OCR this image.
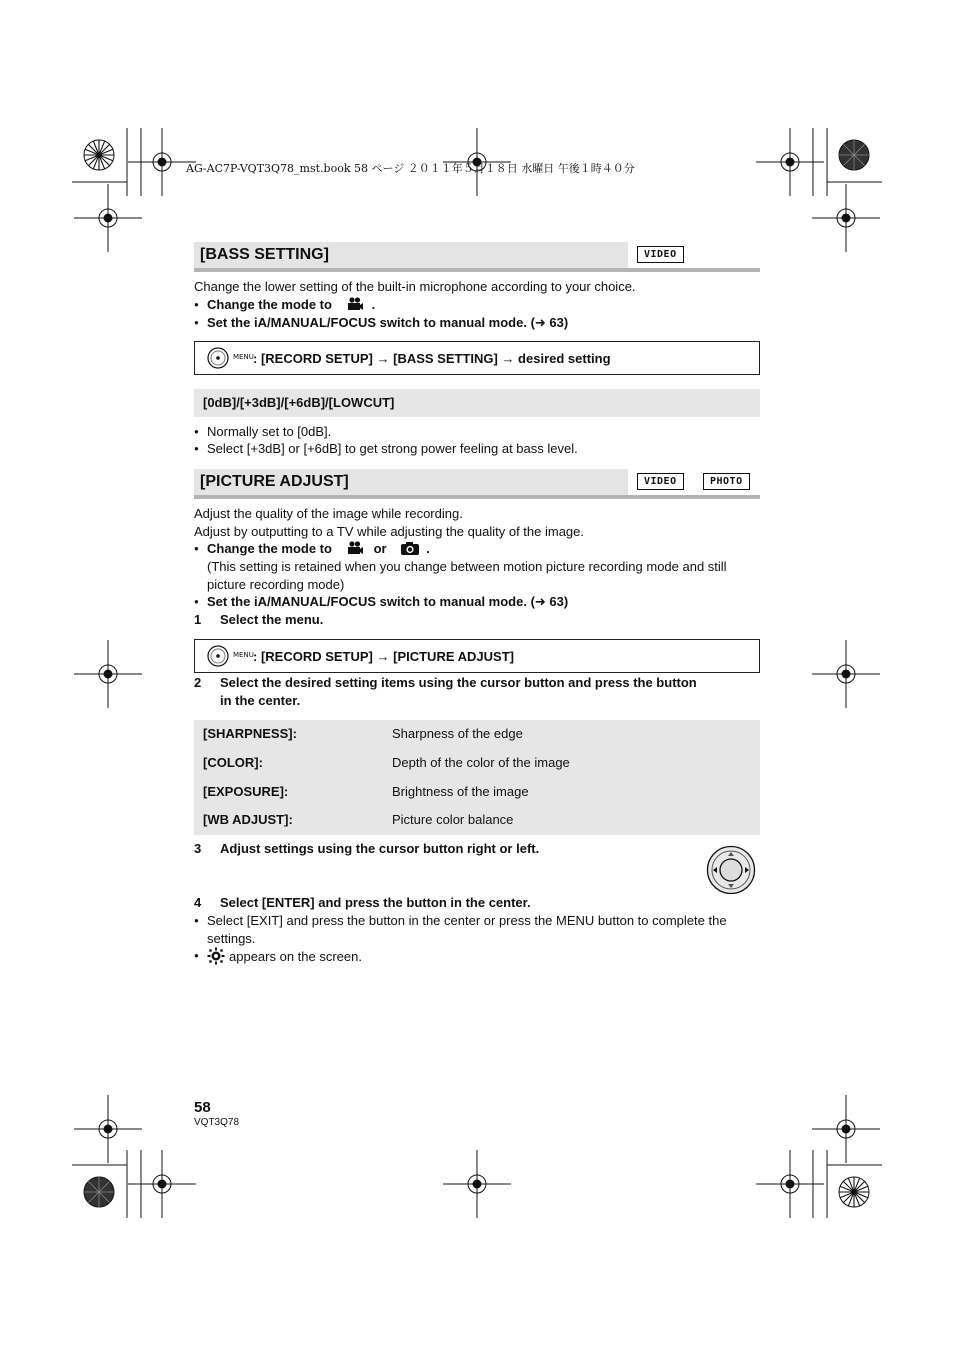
AG-AC7P-VQT3Q78_mst.book 58 ページ ２０１１年５月１８日 水曜日 午後１時４０分
[BASS SETTING]	VIDEO
Change the lower setting of the built-in microphone according to your choice.
● Change the mode to	.
● Set the iA/MANUAL/FOCUS switch to manual mode. (➜ 63)
MENU : [RECORD SETUP] → [BASS SETTING] → desired setting
[0dB]/[+3dB]/[+6dB]/[LOWCUT]
● Normally set to [0dB].
● Select [+3dB] or [+6dB] to get strong power feeling at bass level.
[PICTURE ADJUST]	VIDEO	PHOTO
Adjust the quality of the image while recording.
Adjust by outputting to a TV while adjusting the quality of the image.
● Change the mode to	or	.
(This setting is retained when you change between motion picture recording mode and still
picture recording mode)
● Set the iA/MANUAL/FOCUS switch to manual mode. (➜ 63)
1 Select the menu.
MENU : [RECORD SETUP] → [PICTURE ADJUST]
2 Select the desired setting items using the cursor button and press the button
in the center.
[SHARPNESS]:	Sharpness of the edge
[COLOR]:	Depth of the color of the image
[EXPOSURE]:	Brightness of the image
[WB ADJUST]:	Picture color balance
3 Adjust settings using the cursor button right or left.
4 Select [ENTER] and press the button in the center.
● Select [EXIT] and press the button in the center or press the MENU button to complete the
settings.
● appears on the screen.
58
VQT3Q78
